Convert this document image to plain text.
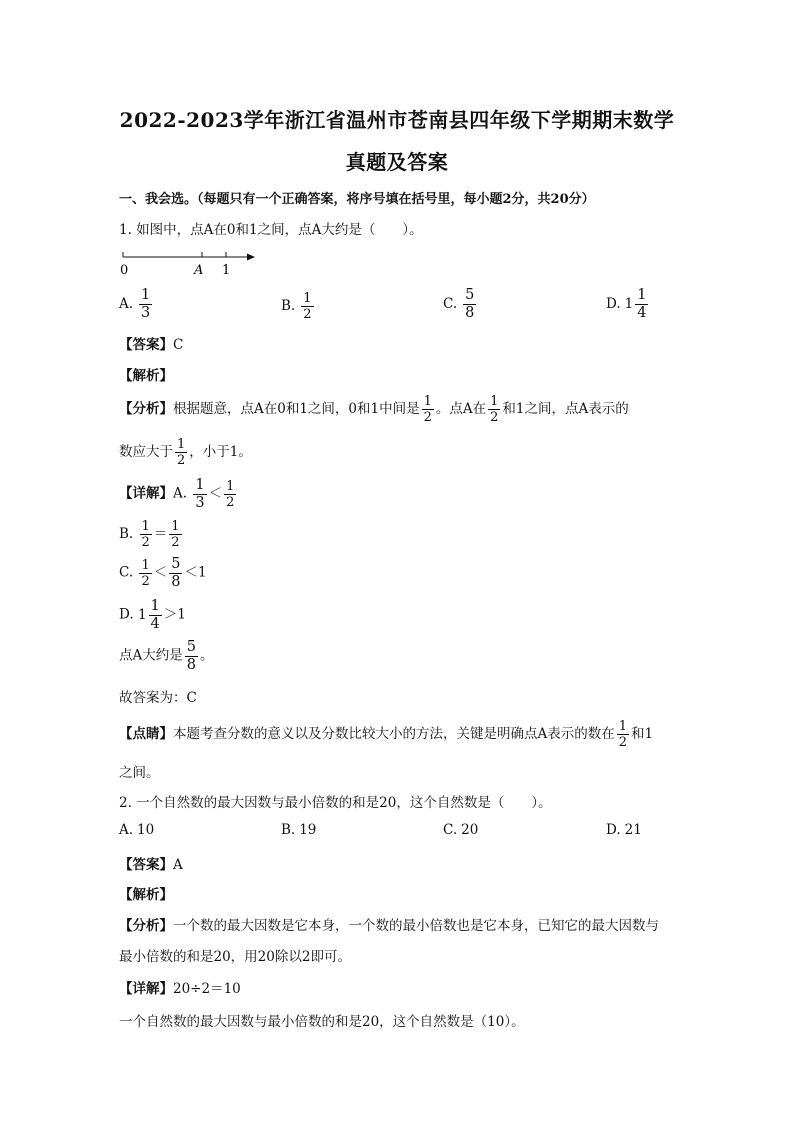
2022-2023学年浙江省温州市苍南县四年级下学期期末数学
真题及答案
一、我会选。（每题只有一个正确答案，将序号填在括号里，每小题2分，共20分）
1. 如图中，点A在0和1之间，点A大约是（　　）。
0	A 1
A. $\frac{1}{3}$	B. $\frac{1}{2}$	C. $\frac{5}{8}$	D. $1 \frac{1}{4}$
【答案】C
【解析】
【分析】根据题意，点A在0和1之间，0和1中间是 $\frac{1}{2}$ 。点A在 $\frac{1}{2}$ 和1之间，点A表示的
数应大于 $\frac{1}{2}$ ，小于1。
【详解】A. $\frac{1}{3} < \frac{1}{2}$
B. $\frac{1}{2} = \frac{1}{2}$
C. $\frac{1}{2} < \frac{5}{8} <1$
D. $1 \frac{1}{4} >1$
点A大约是 $\frac{5}{8}$ 。
故答案为：C
【点睛】本题考查分数的意义以及分数比较大小的方法，关键是明确点A表示的数在 $\frac{1}{2}$ 和1
之间。
2. 一个自然数的最大因数与最小倍数的和是20，这个自然数是（　　）。
A. 10	B. 19	C. 20	D. 21
【答案】A
【解析】
【分析】一个数的最大因数是它本身，一个数的最小倍数也是它本身，已知它的最大因数与
最小倍数的和是20，用20除以2即可。
【详解】20÷2＝10
一个自然数的最大因数与最小倍数的和是20，这个自然数是（10）。
